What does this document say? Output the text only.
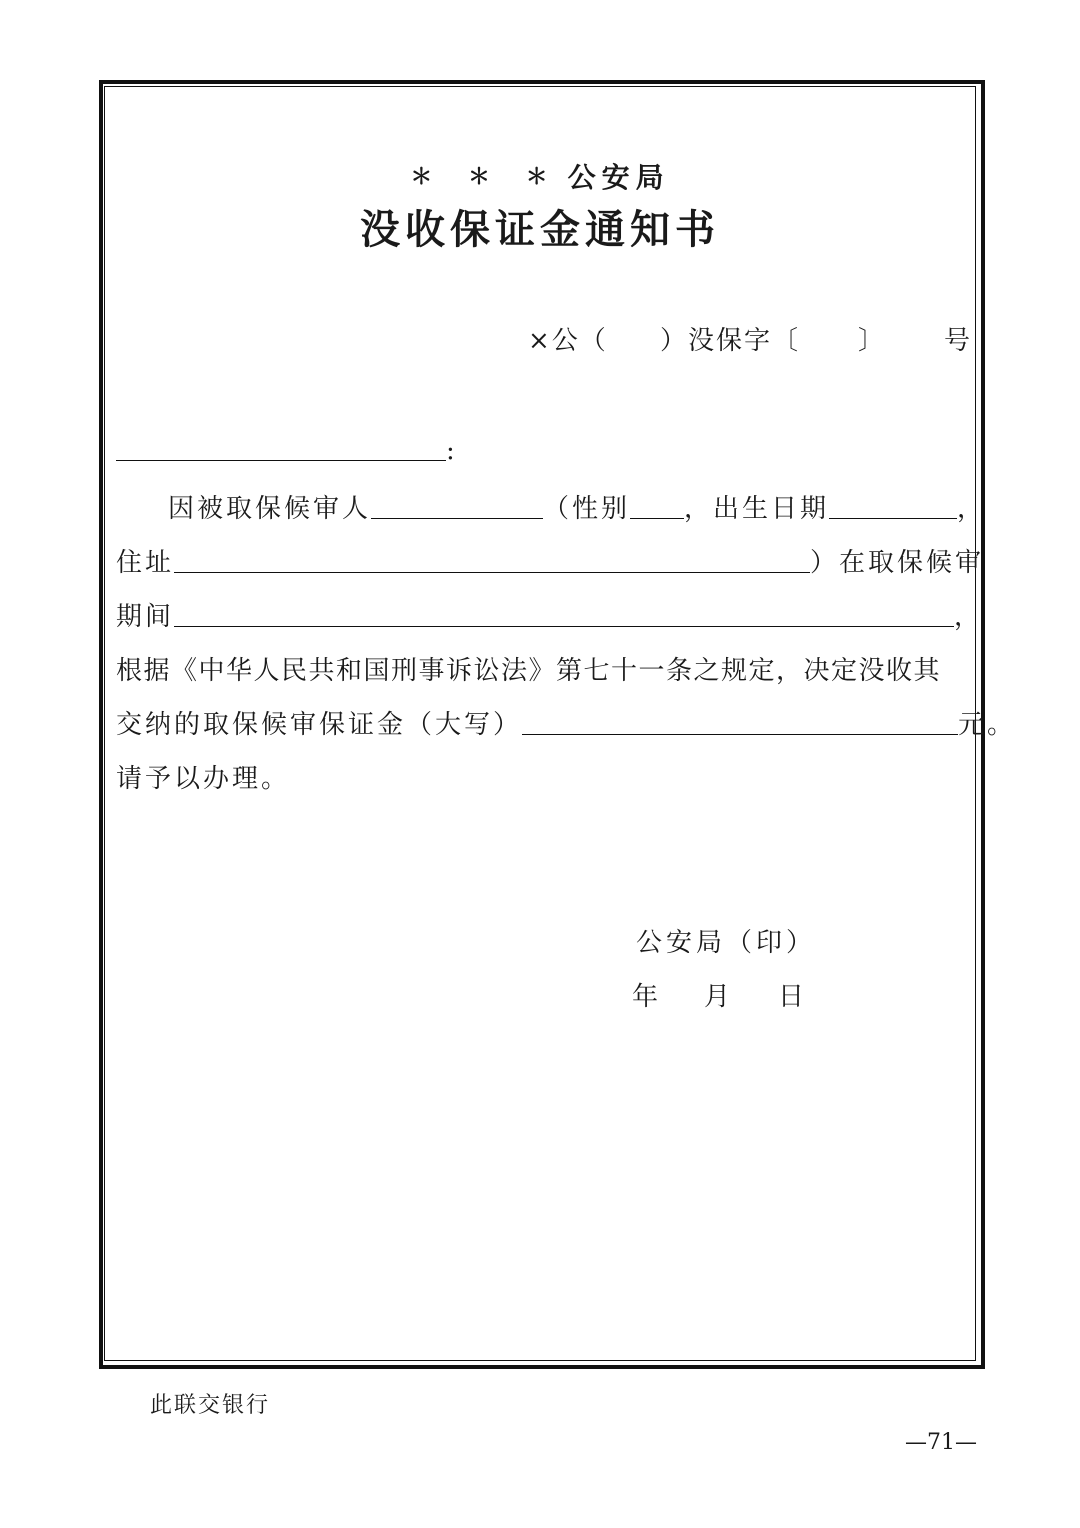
＊ ＊ ＊ 公安局
没收保证金通知书
×公（ ）没保字〔 〕 号
:
因被取保候审人	（性别 ，出生日期	，
住址	）在取保候审
期间	，
根据《中华人民共和国刑事诉讼法》第七十一条之规定，决定没收其
交纳的取保候审保证金（大写）	元。
请予以办理。
公安局（印）
年 月 日
此联交银行
—71—
